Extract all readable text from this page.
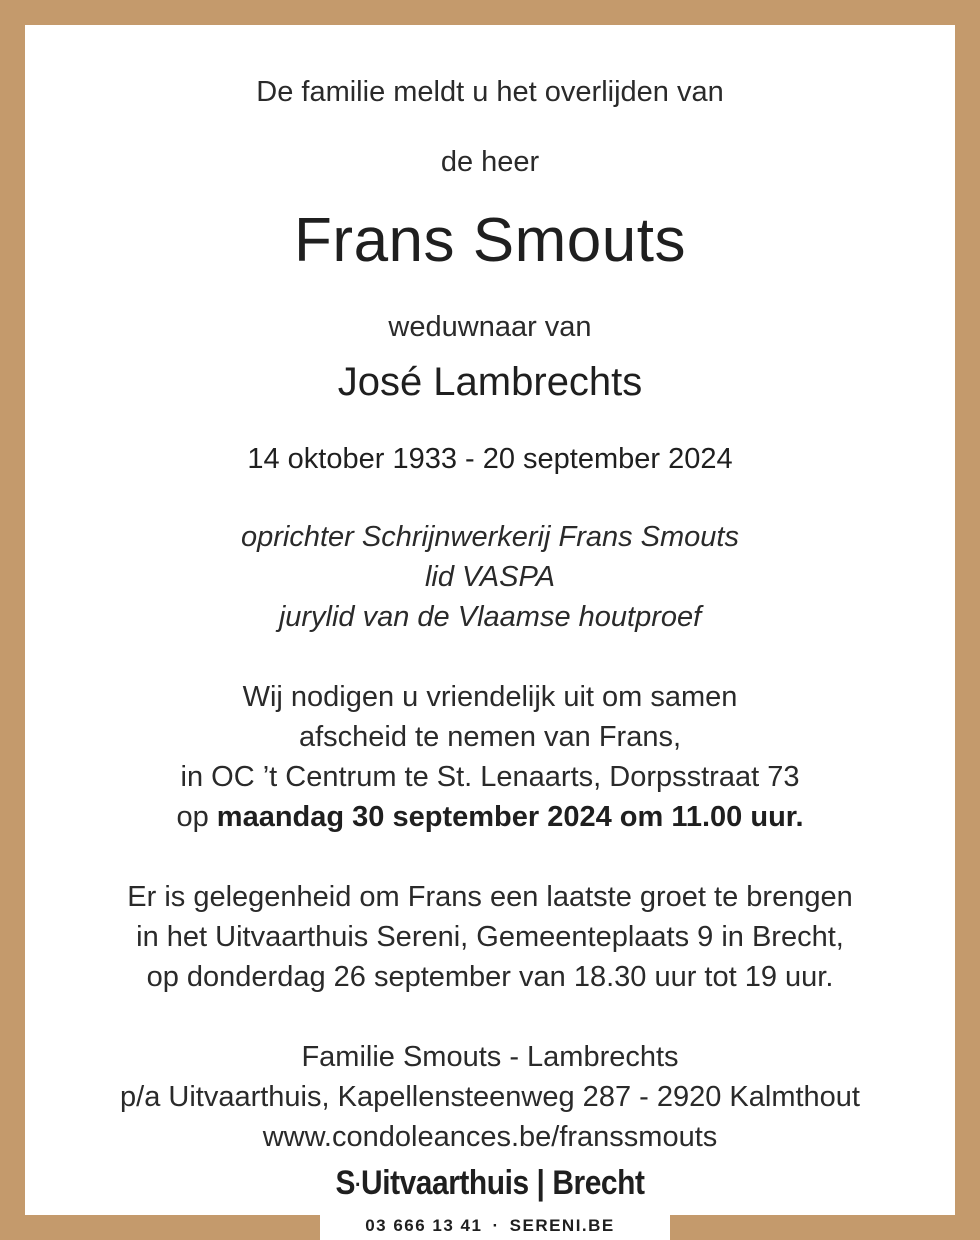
De familie meldt u het overlijden van
de heer
Frans Smouts
weduwnaar van
José Lambrechts
14 oktober 1933 - 20 september 2024
oprichter Schrijnwerkerij Frans Smouts
lid VASPA
jurylid van de Vlaamse houtproef
Wij nodigen u vriendelijk uit om samen
afscheid te nemen van Frans,
in OC ’t Centrum te St. Lenaarts, Dorpsstraat 73
op maandag 30 september 2024 om 11.00 uur.
Er is gelegenheid om Frans een laatste groet te brengen
in het Uitvaarthuis Sereni, Gemeenteplaats 9 in Brecht,
op donderdag 26 september van 18.30 uur tot 19 uur.
Familie Smouts - Lambrechts
p/a Uitvaarthuis, Kapellensteenweg 287 - 2920 Kalmthout
www.condoleances.be/franssmouts
S·Uitvaarthuis | Brecht
03 666 13 41 · SERENI.BE
